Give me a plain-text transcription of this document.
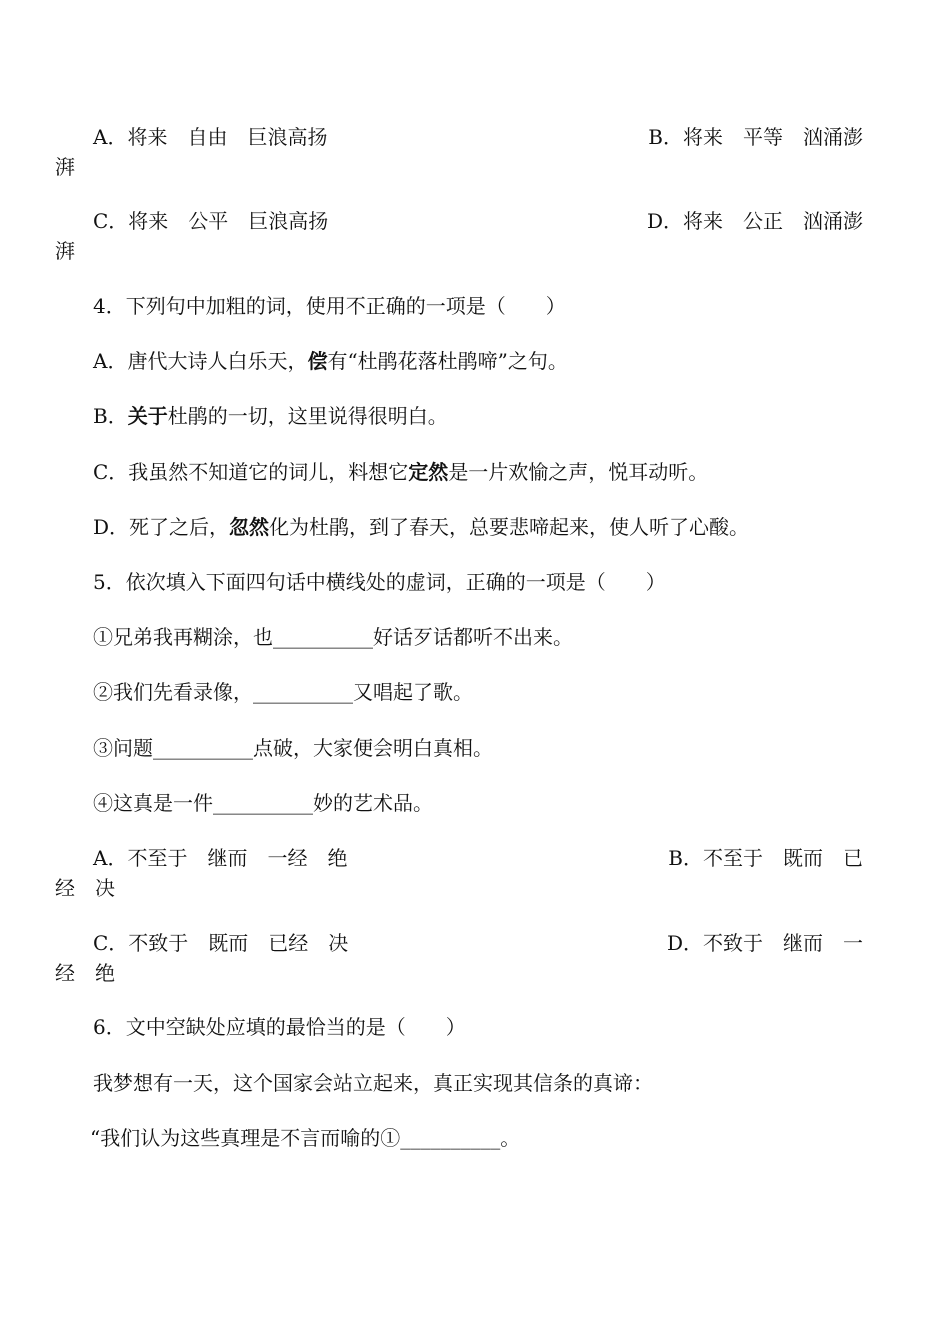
A．将来　自由　巨浪高扬	B．将来　平等　汹涌澎
湃
C．将来　公平　巨浪高扬	D．将来　公正　汹涌澎
湃
4．下列句中加粗的词，使用不正确的一项是（　　）
A．唐代大诗人白乐天，偿有“杜鹃花落杜鹃啼”之句。
B．关于杜鹃的一切，这里说得很明白。
C．我虽然不知道它的词儿，料想它定然是一片欢愉之声，悦耳动听。
D．死了之后，忽然化为杜鹃，到了春天，总要悲啼起来，使人听了心酸。
5．依次填入下面四句话中横线处的虚词，正确的一项是（　　）
①兄弟我再糊涂，也__________好话歹话都听不出来。
②我们先看录像，__________又唱起了歌。
③问题__________点破，大家便会明白真相。
④这真是一件__________妙的艺术品。
A．不至于　继而　一经　绝	B．不至于　既而　已
经　决
C．不致于　既而　已经　决	D．不致于　继而　一
经　绝
6．文中空缺处应填的最恰当的是（　　）
我梦想有一天，这个国家会站立起来，真正实现其信条的真谛：
“我们认为这些真理是不言而喻的①__________。
